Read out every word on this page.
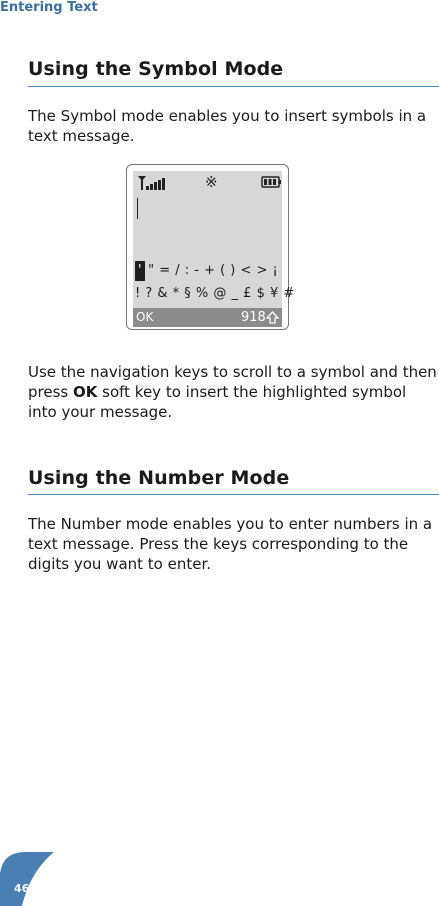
Entering Text
Using the Symbol Mode

The Symbol mode enables you to insert symbols in a text message.

※
' " = / : - + ( ) < > ¡
! ? & * § % @ _ £ $ ¥ #
OK	918

Use the navigation keys to scroll to a symbol and then press OK soft key to insert the highlighted symbol into your message.

Using the Number Mode

The Number mode enables you to enter numbers in a text message. Press the keys corresponding to the digits you want to enter.

46
